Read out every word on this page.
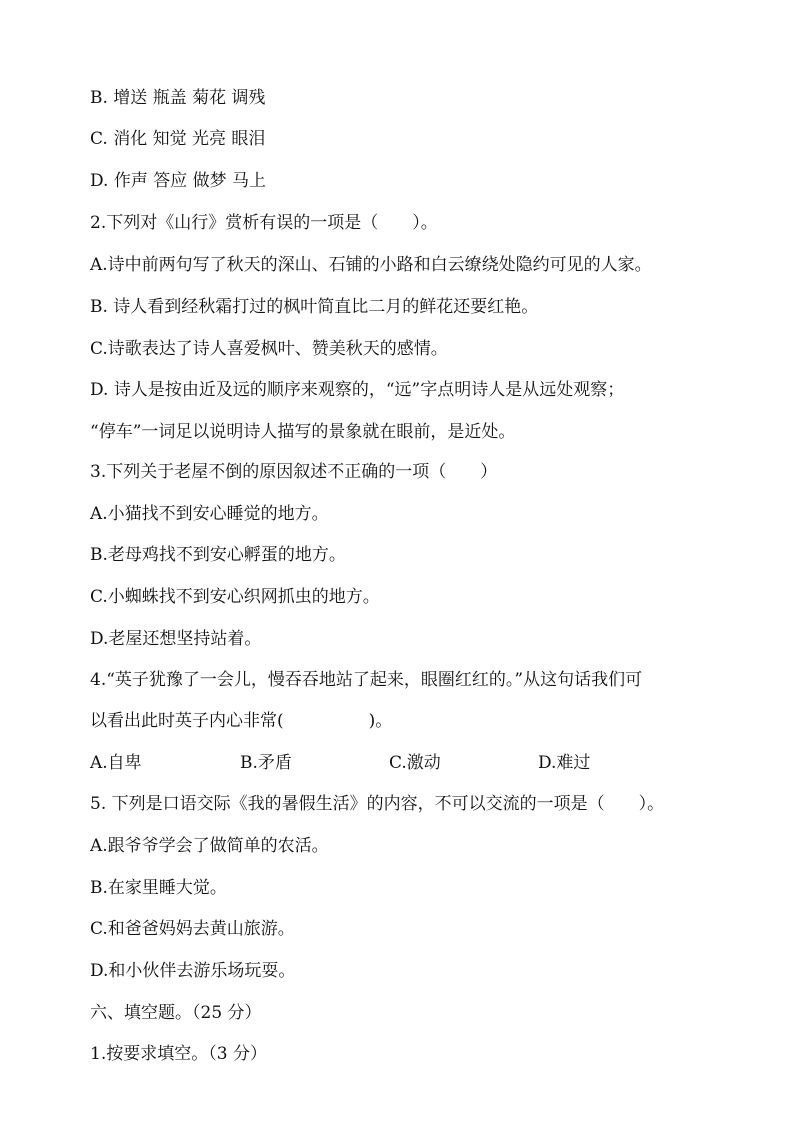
B. 增送 瓶盖 菊花 调残
C. 消化 知觉 光亮 眼泪
D. 作声 答应 做梦 马上
2.下列对《山行》赏析有误的一项是（　　）。
A.诗中前两句写了秋天的深山、石铺的小路和白云缭绕处隐约可见的人家。
B. 诗人看到经秋霜打过的枫叶简直比二月的鲜花还要红艳。
C.诗歌表达了诗人喜爱枫叶、赞美秋天的感情。
D. 诗人是按由近及远的顺序来观察的，“远”字点明诗人是从远处观察；
“停车”一词足以说明诗人描写的景象就在眼前，是近处。
3.下列关于老屋不倒的原因叙述不正确的一项（　　）
A.小猫找不到安心睡觉的地方。
B.老母鸡找不到安心孵蛋的地方。
C.小蜘蛛找不到安心织网抓虫的地方。
D.老屋还想坚持站着。
4.“英子犹豫了一会儿，慢吞吞地站了起来，眼圈红红的。”从这句话我们可
以看出此时英子内心非常(　　　　　)。
A.自卑	B.矛盾	C.激动	D.难过
5. 下列是口语交际《我的暑假生活》的内容，不可以交流的一项是（　　）。
A.跟爷爷学会了做简单的农活。
B.在家里睡大觉。
C.和爸爸妈妈去黄山旅游。
D.和小伙伴去游乐场玩耍。
六、填空题。（25 分）
1.按要求填空。（3 分）
